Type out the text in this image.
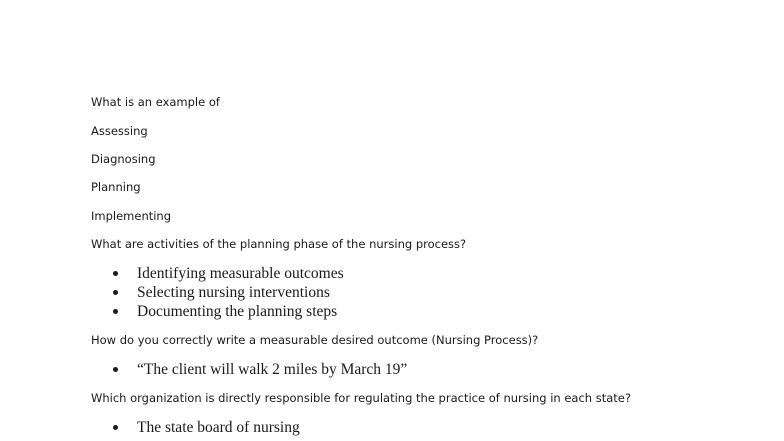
What is an example of

Assessing

Diagnosing

Planning

Implementing

What are activities of the planning phase of the nursing process?

Identifying measurable outcomes
Selecting nursing interventions
Documenting the planning steps

How do you correctly write a measurable desired outcome (Nursing Process)?

“The client will walk 2 miles by March 19”

Which organization is directly responsible for regulating the practice of nursing in each state?

The state board of nursing
